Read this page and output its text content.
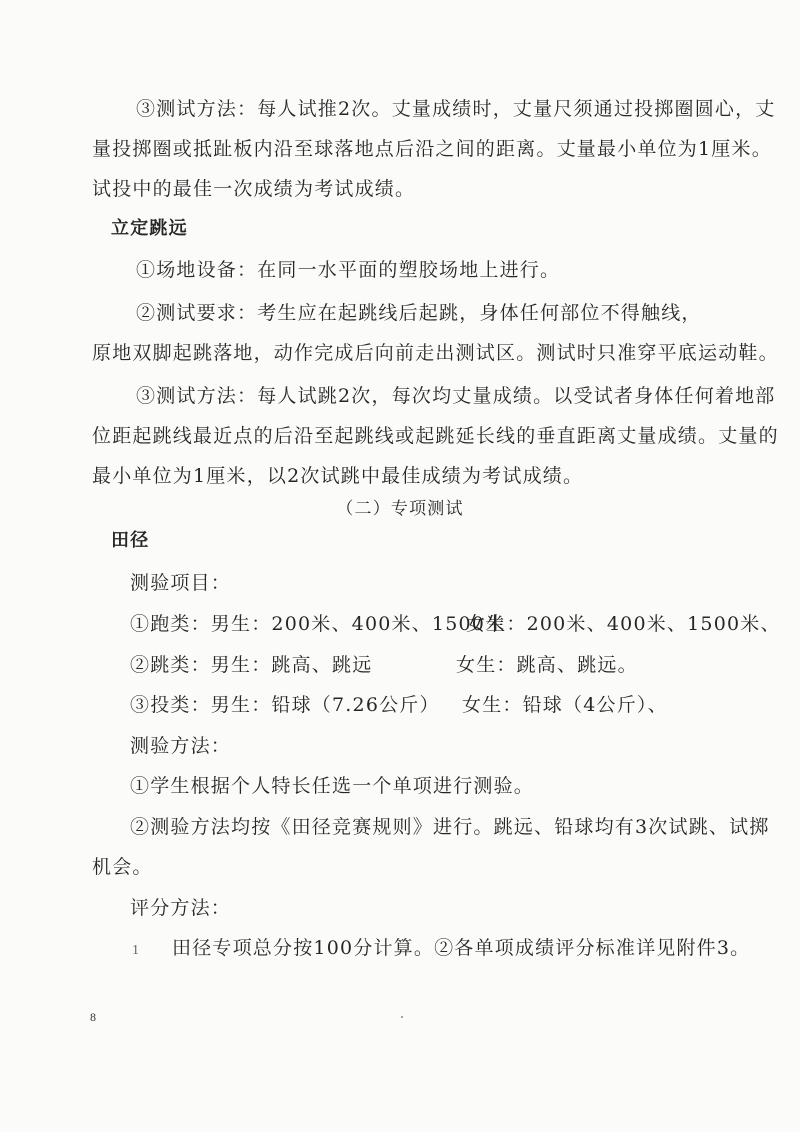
③测试方法：每人试推2次。丈量成绩时，丈量尺须通过投掷圈圆心，丈
量投掷圈或抵趾板内沿至球落地点后沿之间的距离。丈量最小单位为1厘米。
试投中的最佳一次成绩为考试成绩。
立定跳远
①场地设备：在同一水平面的塑胶场地上进行。
②测试要求：考生应在起跳线后起跳，身体任何部位不得触线，
原地双脚起跳落地，动作完成后向前走出测试区。测试时只准穿平底运动鞋。
③测试方法：每人试跳2次，每次均丈量成绩。以受试者身体任何着地部
位距起跳线最近点的后沿至起跳线或起跳延长线的垂直距离丈量成绩。丈量的
最小单位为1厘米，以2次试跳中最佳成绩为考试成绩。
（二）专项测试
田径
测验项目：
①跑类：男生：200米、400米、1500米
女生：200米、400米、1500米、
②跳类：男生：跳高、跳远	女生：跳高、跳远。
③投类：男生：铅球（7.26公斤） 女生：铅球（4公斤）、
测验方法：
①学生根据个人特长任选一个单项进行测验。
②测验方法均按《田径竞赛规则》进行。跳远、铅球均有3次试跳、试掷
机会。
评分方法：
1	田径专项总分按100分计算。②各单项成绩评分标准详见附件3。
8
